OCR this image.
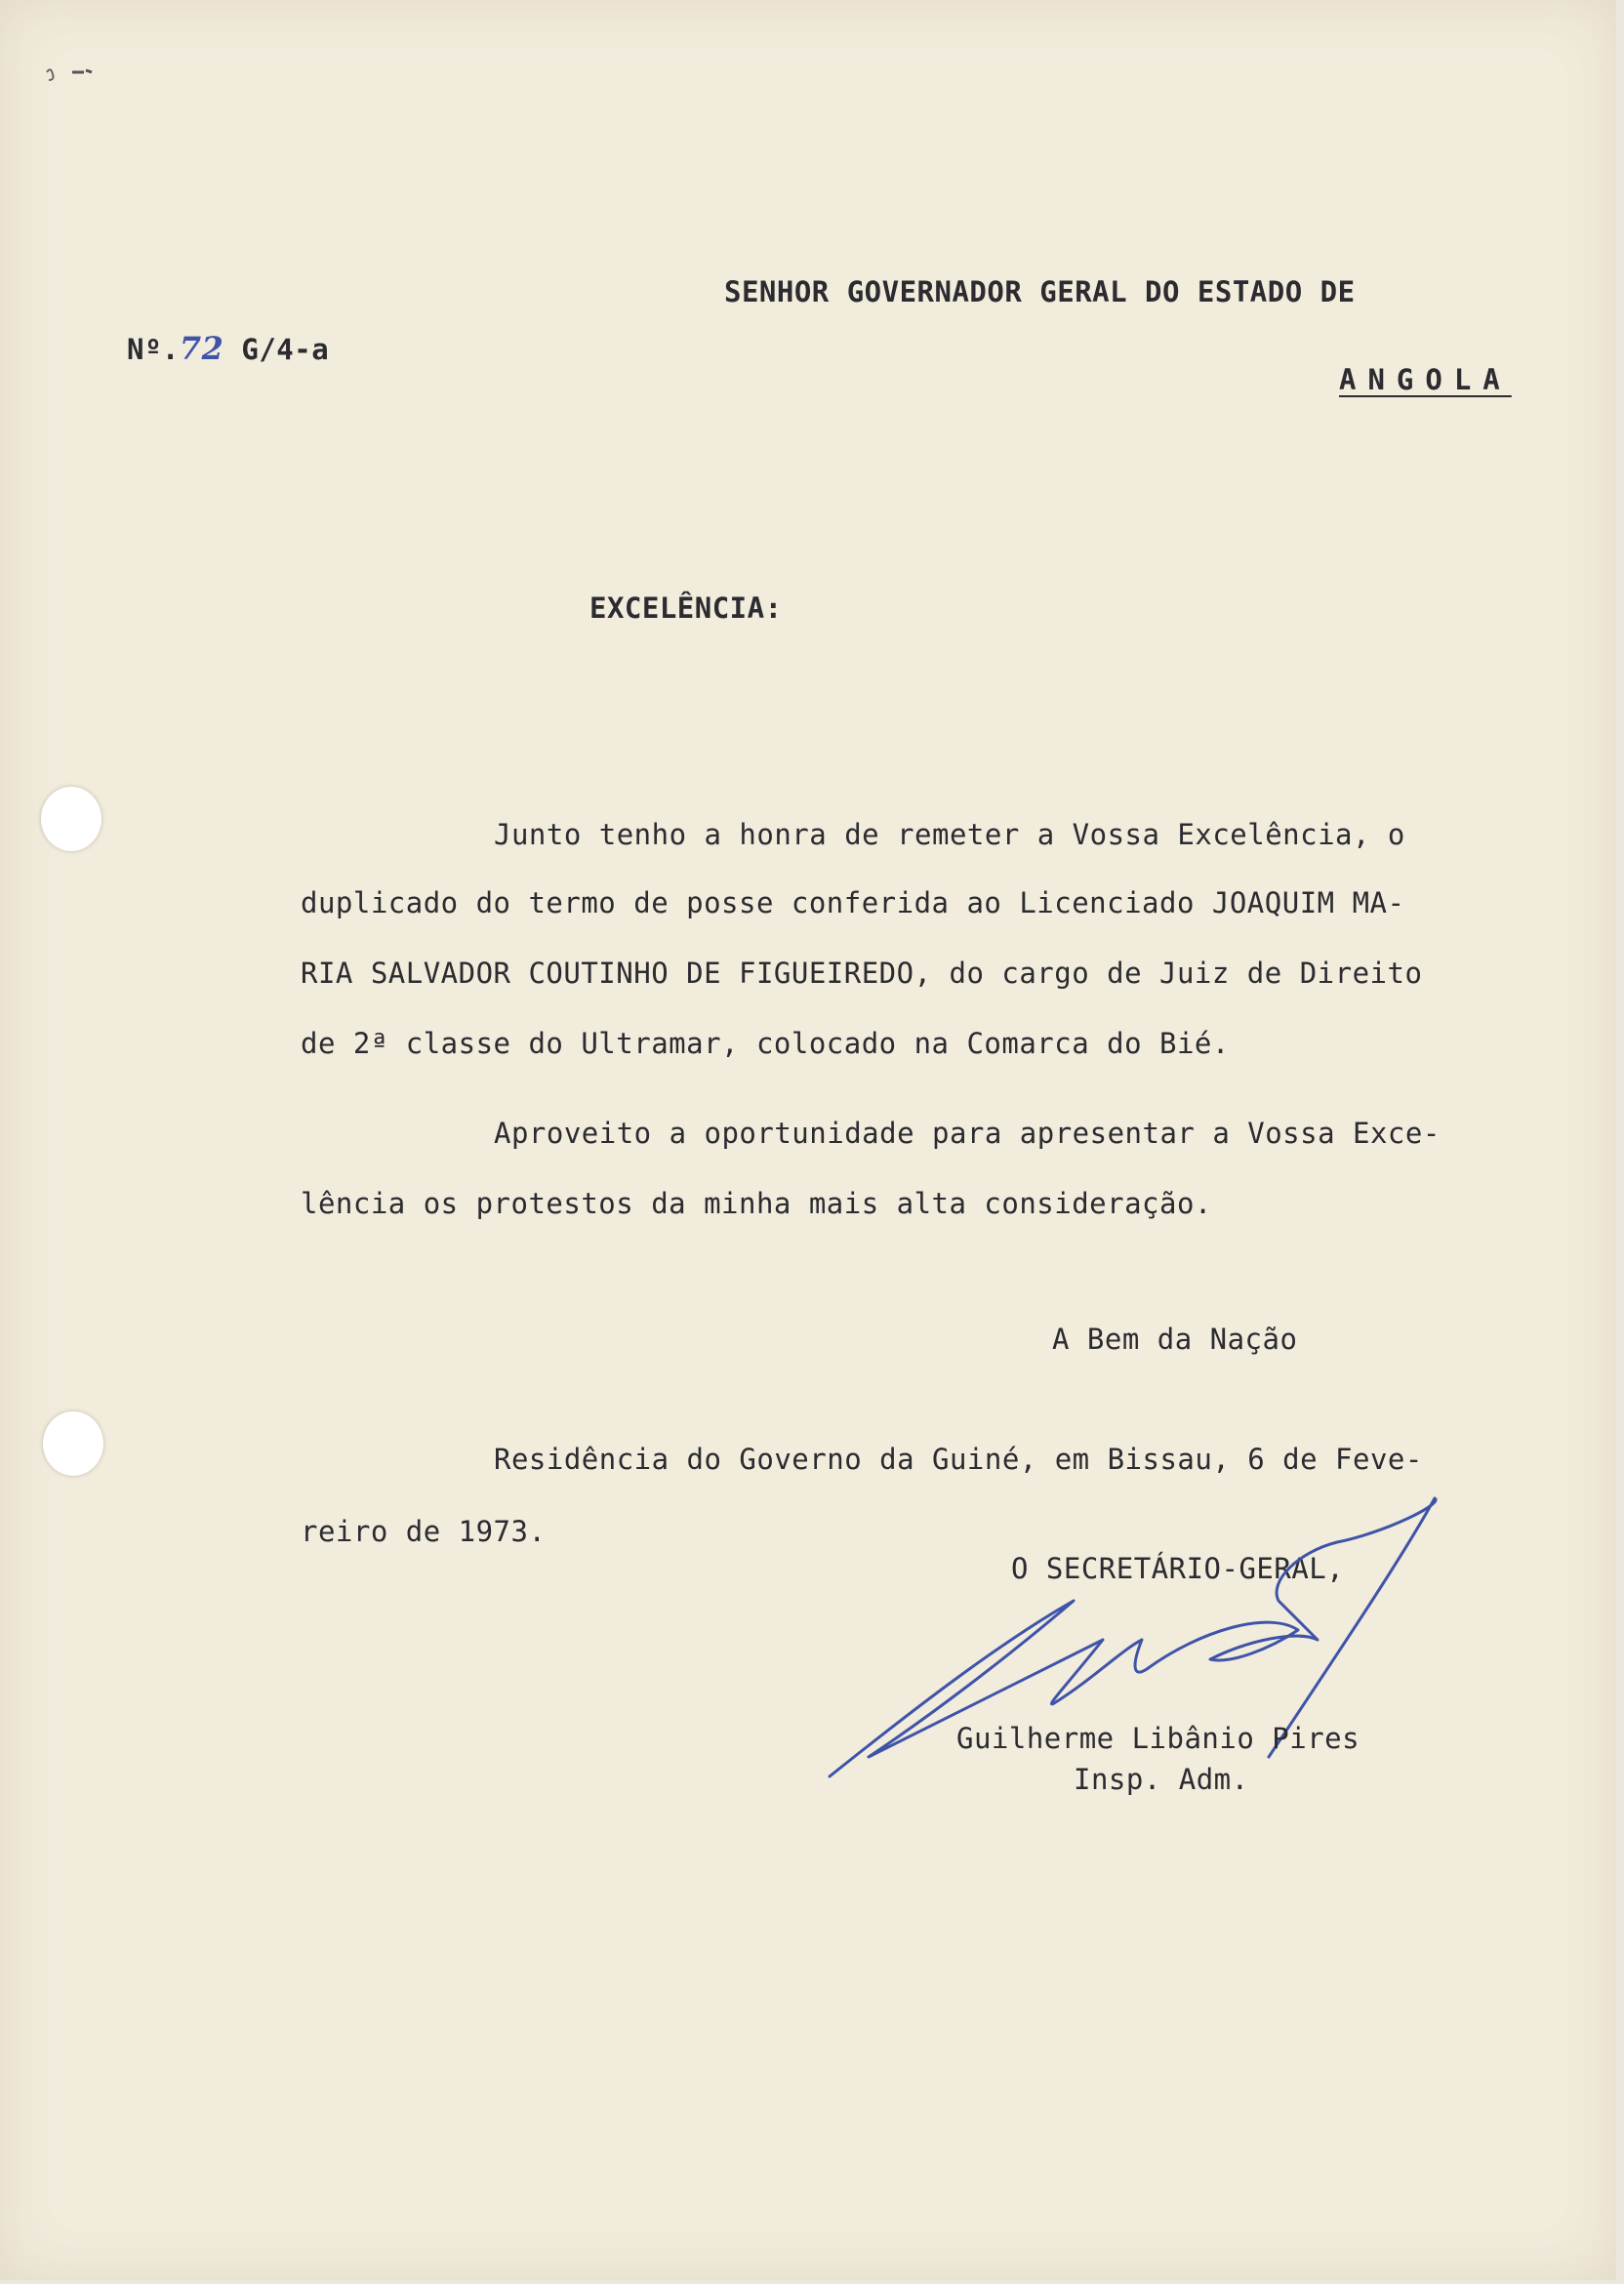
Nº.72 G/4-a
SENHOR GOVERNADOR GERAL DO ESTADO DE
ANGOLA
EXCELÊNCIA:
Junto tenho a honra de remeter a Vossa Excelência, o
duplicado do termo de posse conferida ao Licenciado JOAQUIM MA-
RIA SALVADOR COUTINHO DE FIGUEIREDO, do cargo de Juiz de Direito
de 2ª classe do Ultramar, colocado na Comarca do Bié.
Aproveito a oportunidade para apresentar a Vossa Exce-
lência os protestos da minha mais alta consideração.
A Bem da Nação
Residência do Governo da Guiné, em Bissau, 6 de Feve-
reiro de 1973.
O SECRETÁRIO-GERAL,
Guilherme Libânio Pires
Insp. Adm.
